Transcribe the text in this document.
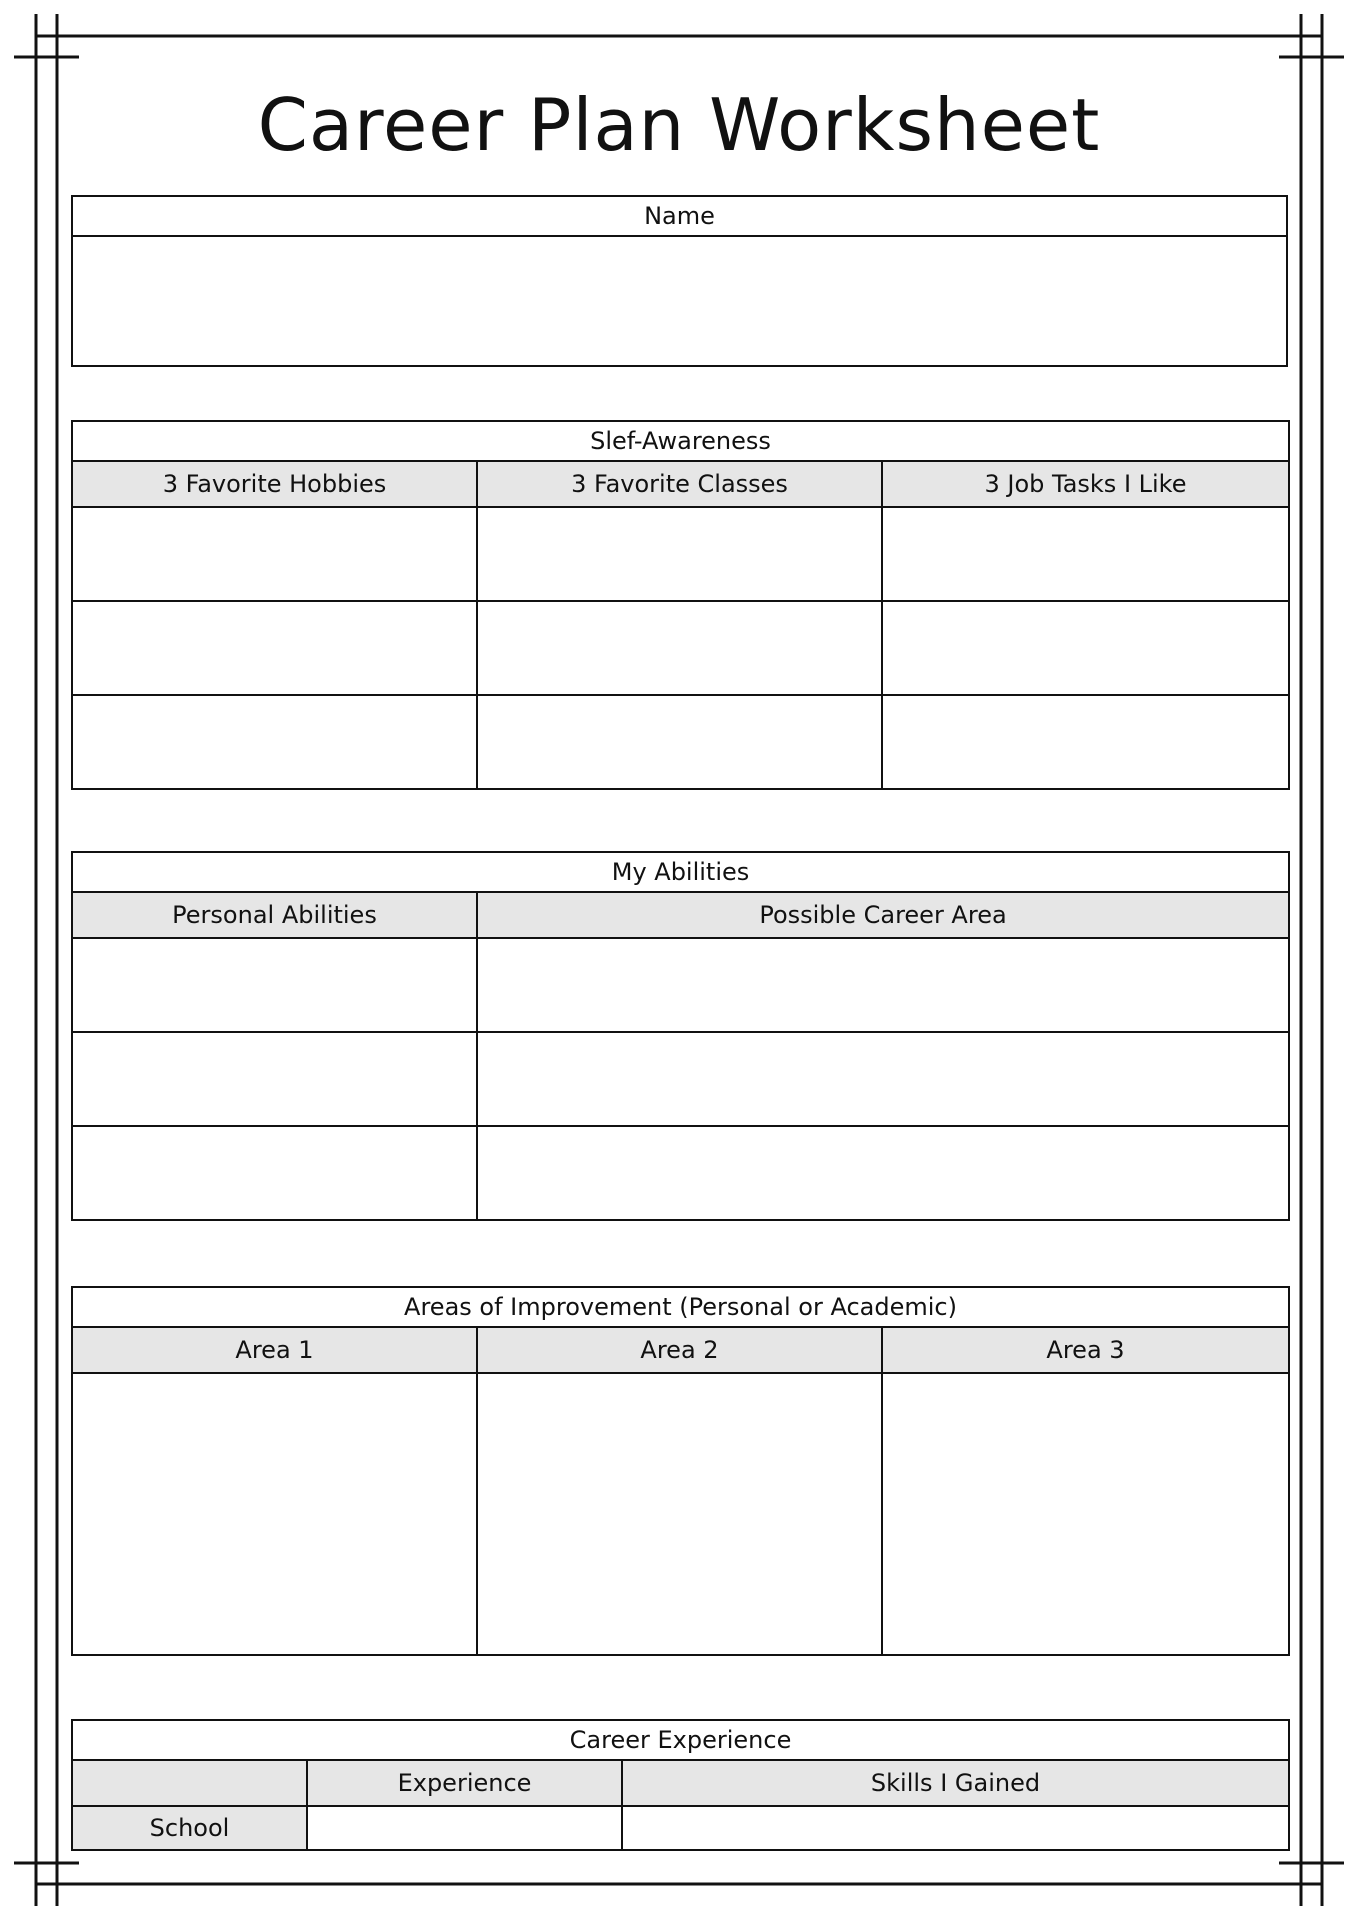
Career Plan Worksheet
Name

Slef-Awareness		
3 Favorite Hobbies	3 Favorite Classes	3 Job Tasks I Like

My Abilities	
Personal Abilities	Possible Career Area

Areas of Improvement (Personal or Academic)		
Area 1	Area 2	Area 3

Career Experience		
	Experience	Skills I Gained
School		
